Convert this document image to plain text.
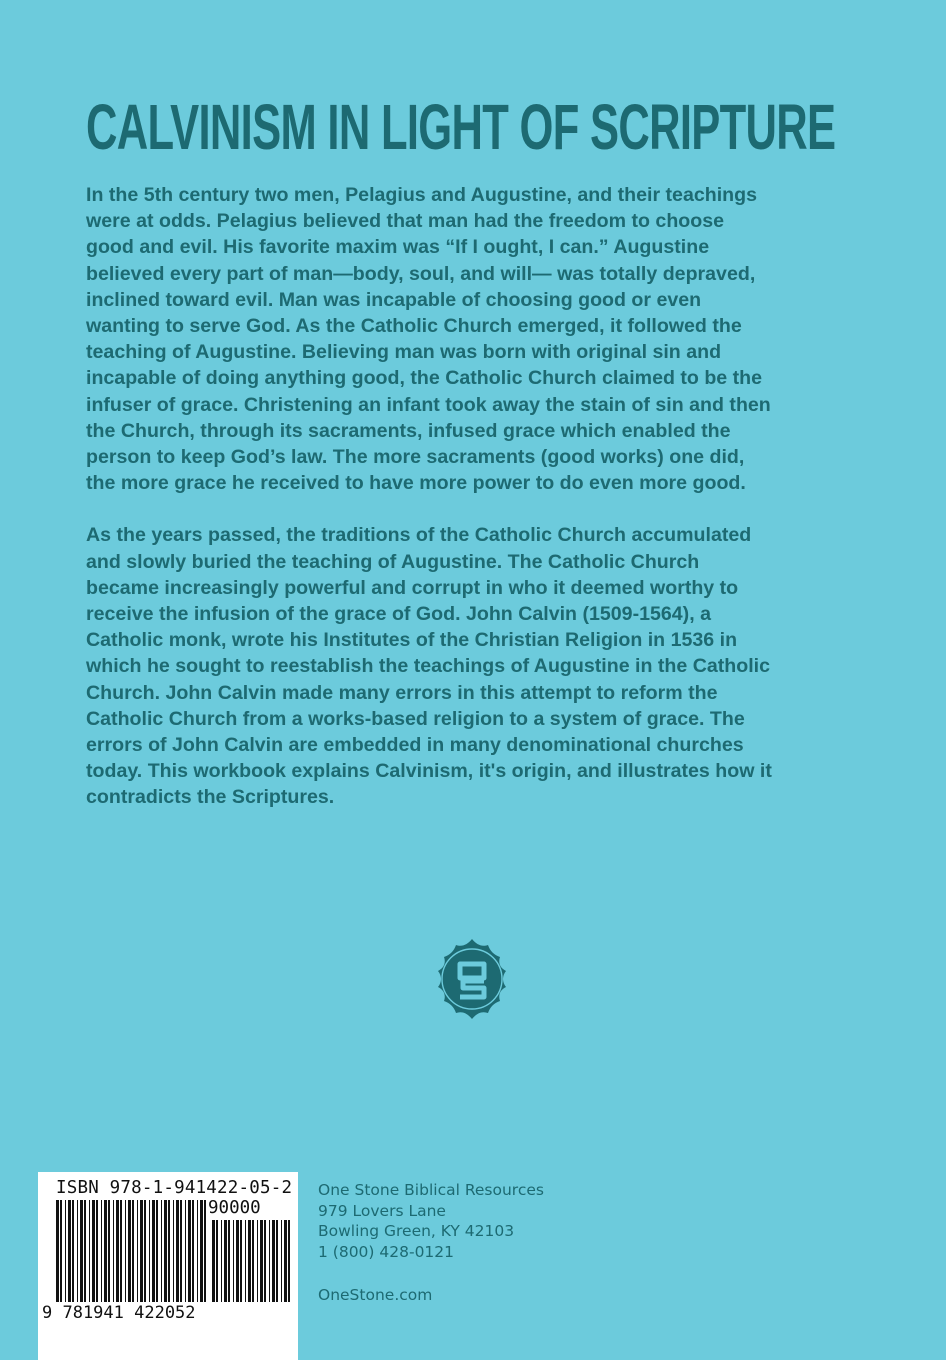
CALVINISM IN LIGHT OF SCRIPTURE

In the 5th century two men, Pelagius and Augustine, and their teachings
were at odds. Pelagius believed that man had the freedom to choose
good and evil. His favorite maxim was “If I ought, I can.” Augustine
believed every part of man—body, soul, and will— was totally depraved,
inclined toward evil. Man was incapable of choosing good or even
wanting to serve God. As the Catholic Church emerged, it followed the
teaching of Augustine. Believing man was born with original sin and
incapable of doing anything good, the Catholic Church claimed to be the
infuser of grace. Christening an infant took away the stain of sin and then
the Church, through its sacraments, infused grace which enabled the
person to keep God’s law. The more sacraments (good works) one did,
the more grace he received to have more power to do even more good.

As the years passed, the traditions of the Catholic Church accumulated
and slowly buried the teaching of Augustine. The Catholic Church
became increasingly powerful and corrupt in who it deemed worthy to
receive the infusion of the grace of God. John Calvin (1509-1564), a
Catholic monk, wrote his Institutes of the Christian Religion in 1536 in
which he sought to reestablish the teachings of Augustine in the Catholic
Church. John Calvin made many errors in this attempt to reform the
Catholic Church from a works-based religion to a system of grace. The
errors of John Calvin are embedded in many denominational churches
today. This workbook explains Calvinism, it's origin, and illustrates how it
contradicts the Scriptures.

ISBN 978-1-941422-05-2
90000
9 781941 422052
One Stone Biblical Resources
979 Lovers Lane
Bowling Green, KY 42103
1 (800) 428-0121
OneStone.com
